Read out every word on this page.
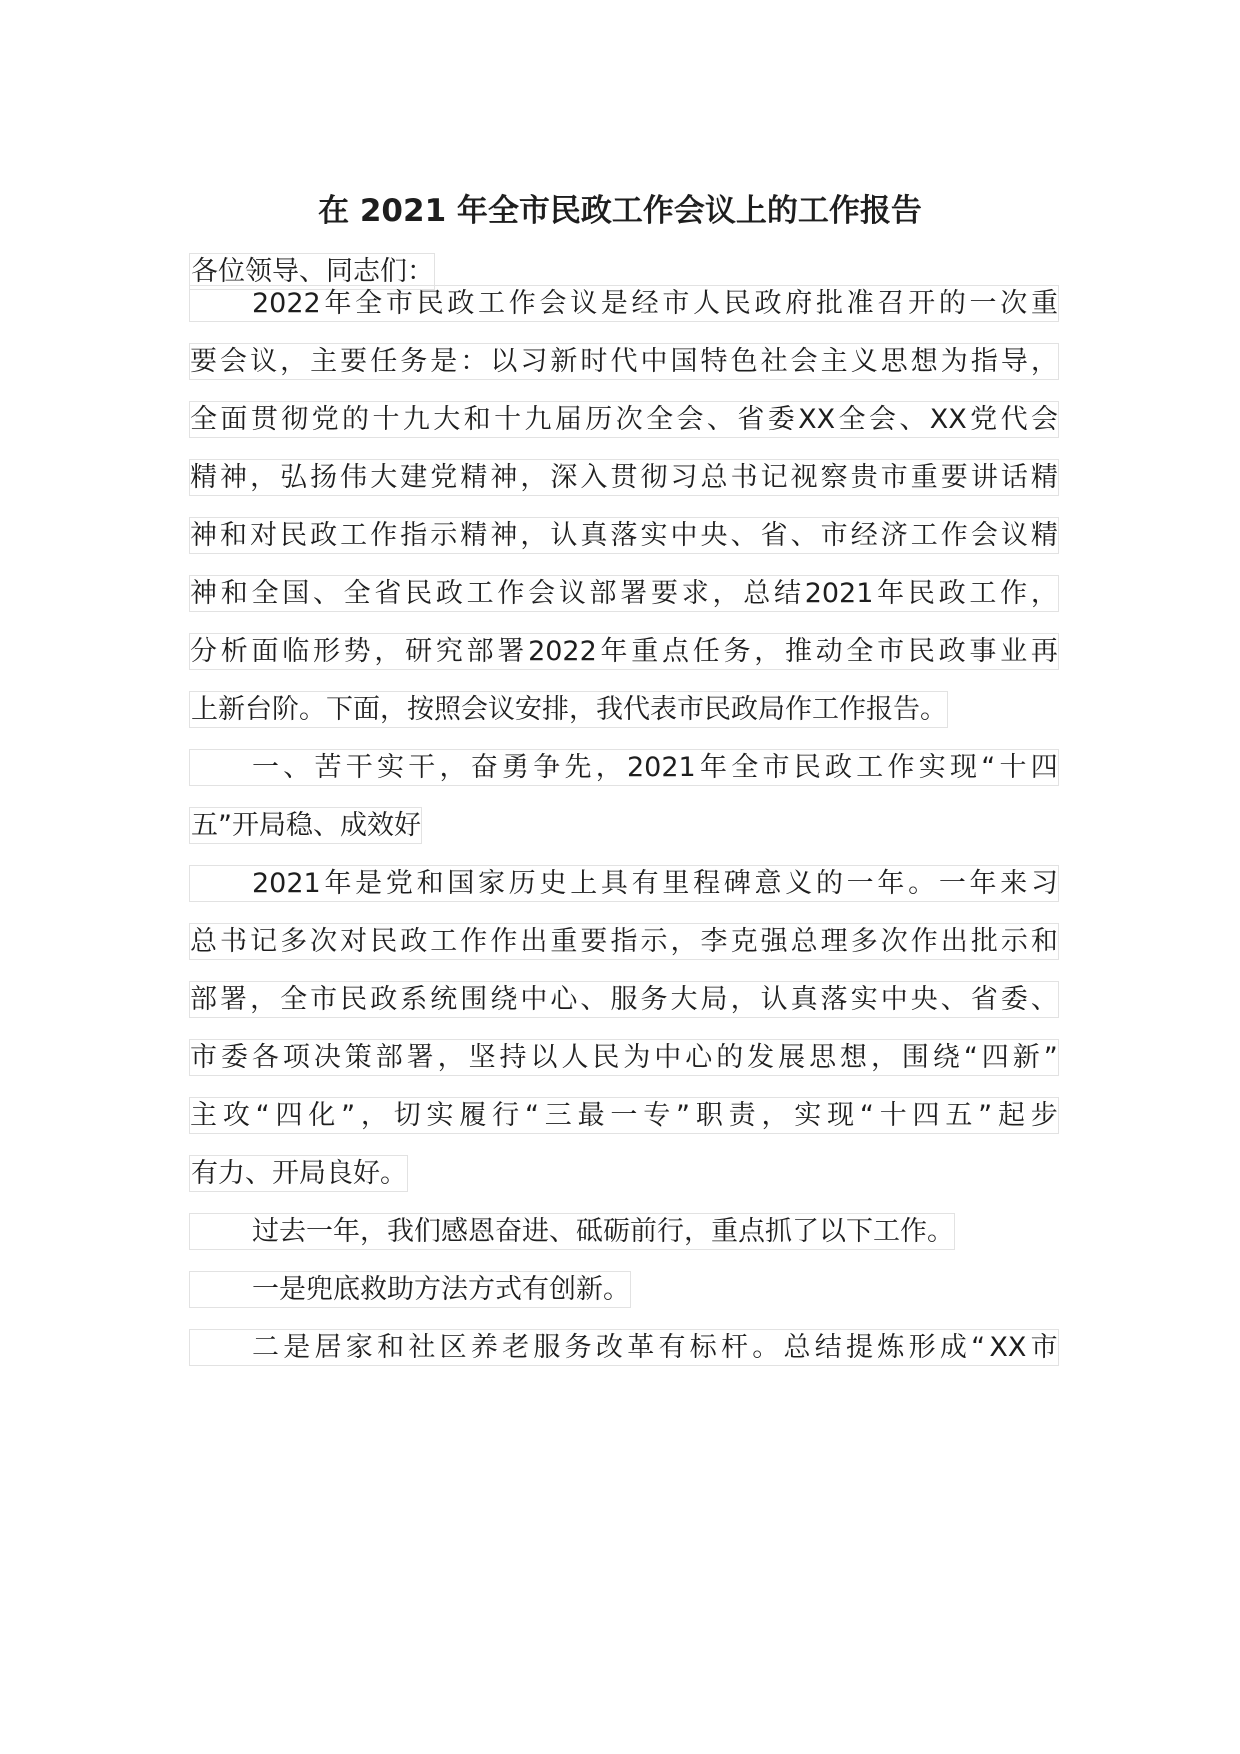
在 2021 年全市民政工作会议上的工作报告
各位领导、同志们：
2022 年 全 市 民 政 工 作 会 议 是 经 市 人 民 政 府 批 准 召 开 的 一 次 重
要 会 议 ， 主 要 任 务 是 ： 以 习 新 时 代 中 国 特 色 社 会 主 义 思 想 为 指 导 ，
全 面 贯 彻 党 的 十 九 大 和 十 九 届 历 次 全 会 、 省 委 XX 全 会 、 XX 党 代 会
精 神 ， 弘 扬 伟 大 建 党 精 神 ， 深 入 贯 彻 习 总 书 记 视 察 贵 市 重 要 讲 话 精
神 和 对 民 政 工 作 指 示 精 神 ， 认 真 落 实 中 央 、 省 、 市 经 济 工 作 会 议 精
神 和 全 国 、 全 省 民 政 工 作 会 议 部 署 要 求 ， 总 结 2021 年 民 政 工 作 ，
分 析 面 临 形 势 ， 研 究 部 署 2022 年 重 点 任 务 ， 推 动 全 市 民 政 事 业 再
上新台阶。下面，按照会议安排，我代表市民政局作工作报告。
一 、 苦 干 实 干 ， 奋 勇 争 先 ， 2021 年 全 市 民 政 工 作 实 现 “ 十 四
五”开局稳、成效好
2021 年 是 党 和 国 家 历 史 上 具 有 里 程 碑 意 义 的 一 年 。 一 年 来 习
总 书 记 多 次 对 民 政 工 作 作 出 重 要 指 示 ， 李 克 强 总 理 多 次 作 出 批 示 和
部 署 ， 全 市 民 政 系 统 围 绕 中 心 、 服 务 大 局 ， 认 真 落 实 中 央 、 省 委 、
市 委 各 项 决 策 部 署 ， 坚 持 以 人 民 为 中 心 的 发 展 思 想 ， 围 绕 “ 四 新 ”
主 攻 “ 四 化 ” ， 切 实 履 行 “ 三 最 一 专 ” 职 责 ， 实 现 “ 十 四 五 ” 起 步
有力、开局良好。
过去一年，我们感恩奋进、砥砺前行，重点抓了以下工作。
一是兜底救助方法方式有创新。
二 是 居 家 和 社 区 养 老 服 务 改 革 有 标 杆 。 总 结 提 炼 形 成 “ XX 市
